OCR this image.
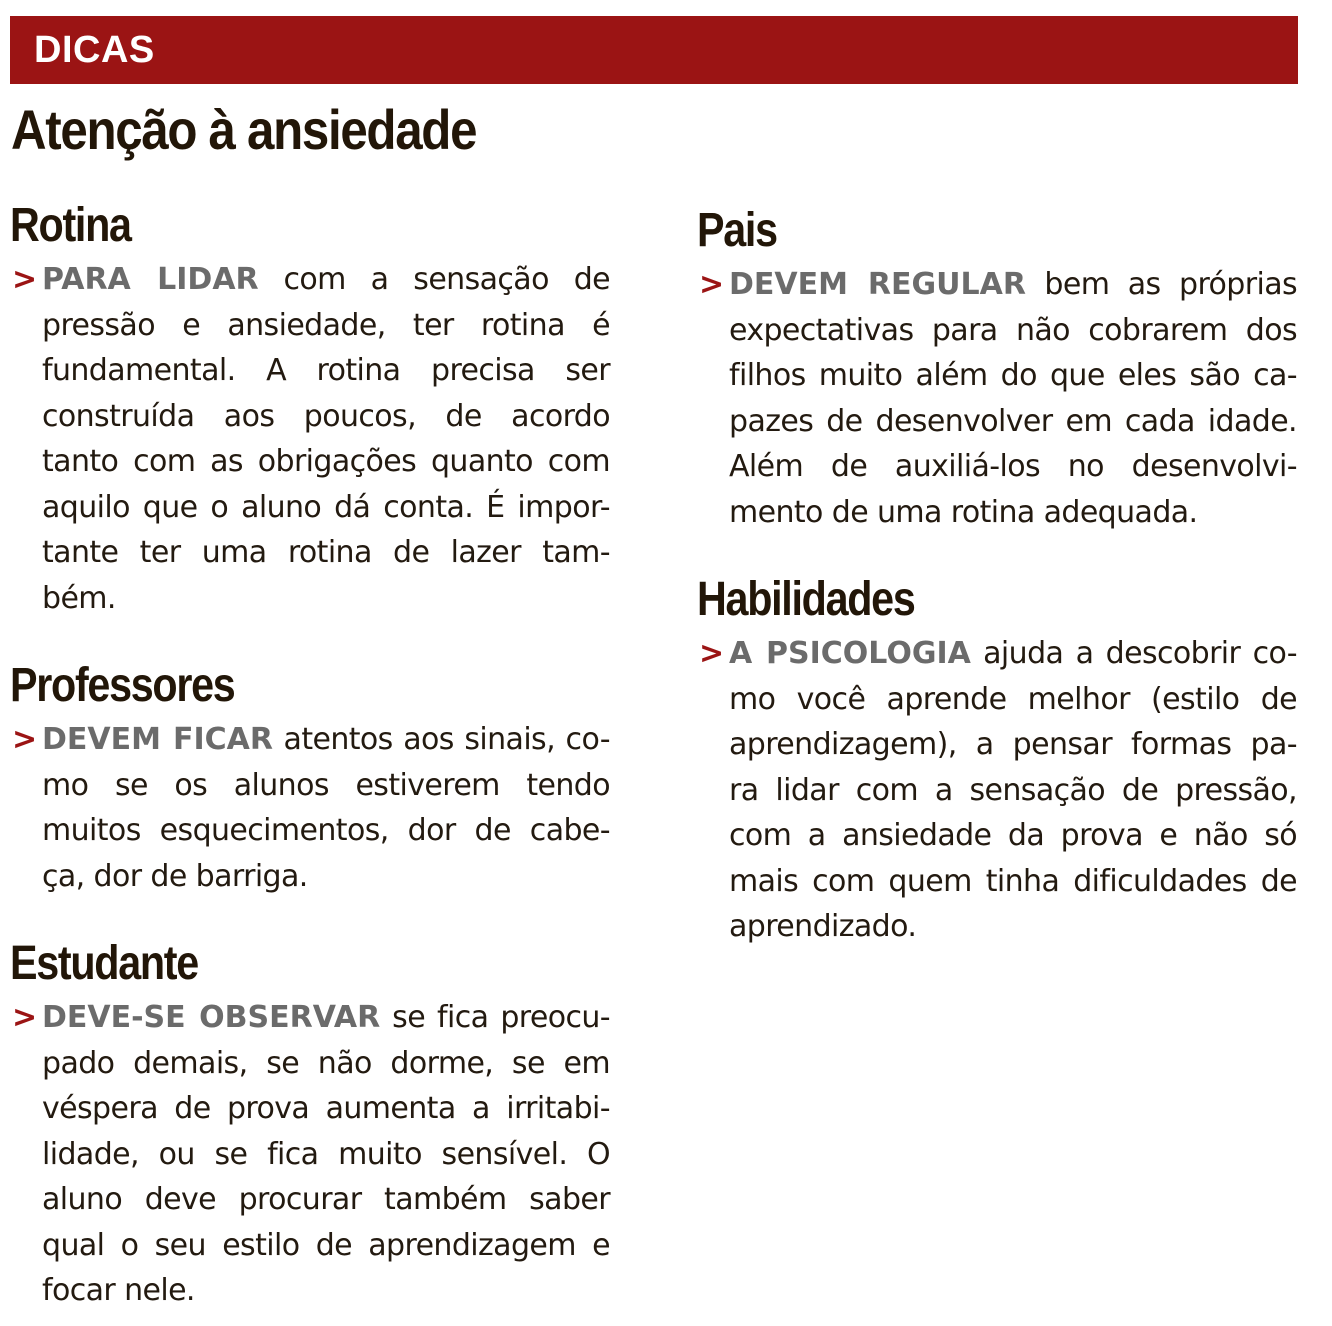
DICAS
Atenção à ansiedade
Rotina
> PARA LIDAR com a sensação de
pressão e ansiedade, ter rotina é
fundamental. A rotina precisa ser
construída aos poucos, de acordo
tanto com as obrigações quanto com
aquilo que o aluno dá conta. É impor-
tante ter uma rotina de lazer tam-
bém.
Professores
> DEVEM FICAR atentos aos sinais, co-
mo se os alunos estiverem tendo
muitos esquecimentos, dor de cabe-
ça, dor de barriga.
Estudante
> DEVE-SE OBSERVAR se fica preocu-
pado demais, se não dorme, se em
véspera de prova aumenta a irritabi-
lidade, ou se fica muito sensível. O
aluno deve procurar também saber
qual o seu estilo de aprendizagem e
focar nele.
Pais
> DEVEM REGULAR bem as próprias
expectativas para não cobrarem dos
filhos muito além do que eles são ca-
pazes de desenvolver em cada idade.
Além de auxiliá-los no desenvolvi-
mento de uma rotina adequada.
Habilidades
> A PSICOLOGIA ajuda a descobrir co-
mo você aprende melhor (estilo de
aprendizagem), a pensar formas pa-
ra lidar com a sensação de pressão,
com a ansiedade da prova e não só
mais com quem tinha dificuldades de
aprendizado.
